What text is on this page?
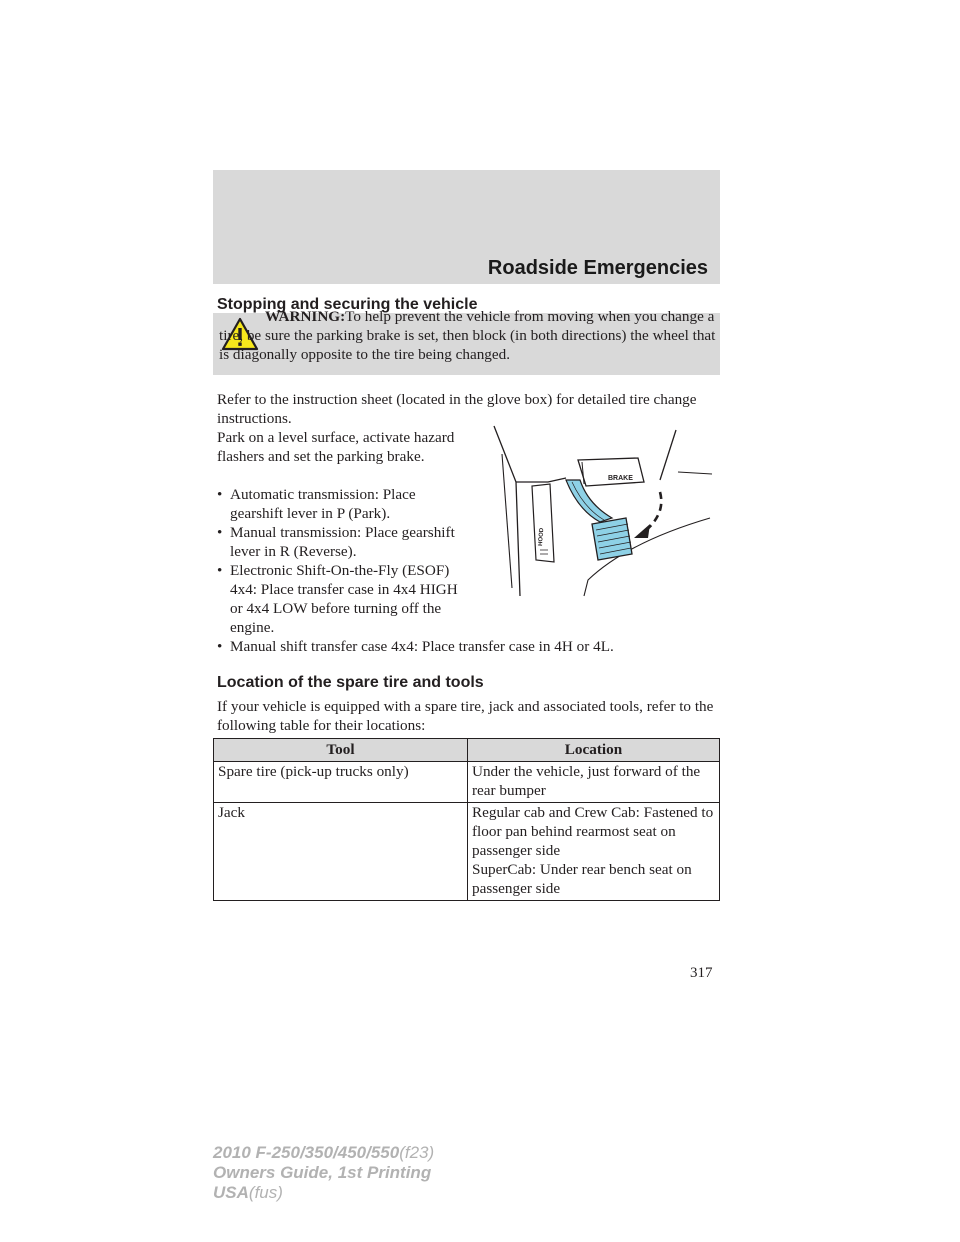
Roadside Emergencies
Stopping and securing the vehicle

WARNING:To help prevent the vehicle from moving when you change a tire, be sure the parking brake is set, then block (in both directions) the wheel that is diagonally opposite to the tire being changed.

Refer to the instruction sheet (located in the glove box) for detailed tire change instructions.

Park on a level surface, activate hazard flashers and set the parking brake.

• Automatic transmission: Place gearshift lever in P (Park).
• Manual transmission: Place gearshift lever in R (Reverse).
• Electronic Shift-On-the-Fly (ESOF) 4x4: Place transfer case in 4x4 HIGH or 4x4 LOW before turning off the engine.
• Manual shift transfer case 4x4: Place transfer case in 4H or 4L.
BRAKE
HOOD
Location of the spare tire and tools

If your vehicle is equipped with a spare tire, jack and associated tools, refer to the following table for their locations:

Tool	Location
Spare tire (pick-up trucks only)	Under the vehicle, just forward of the rear bumper

Jack	Regular cab and Crew Cab: Fastened to floor pan behind rearmost seat on passenger side
SuperCab: Under rear bench seat on passenger side
317
2010 F-250/350/450/550(f23)
Owners Guide, 1st Printing
USA(fus)
